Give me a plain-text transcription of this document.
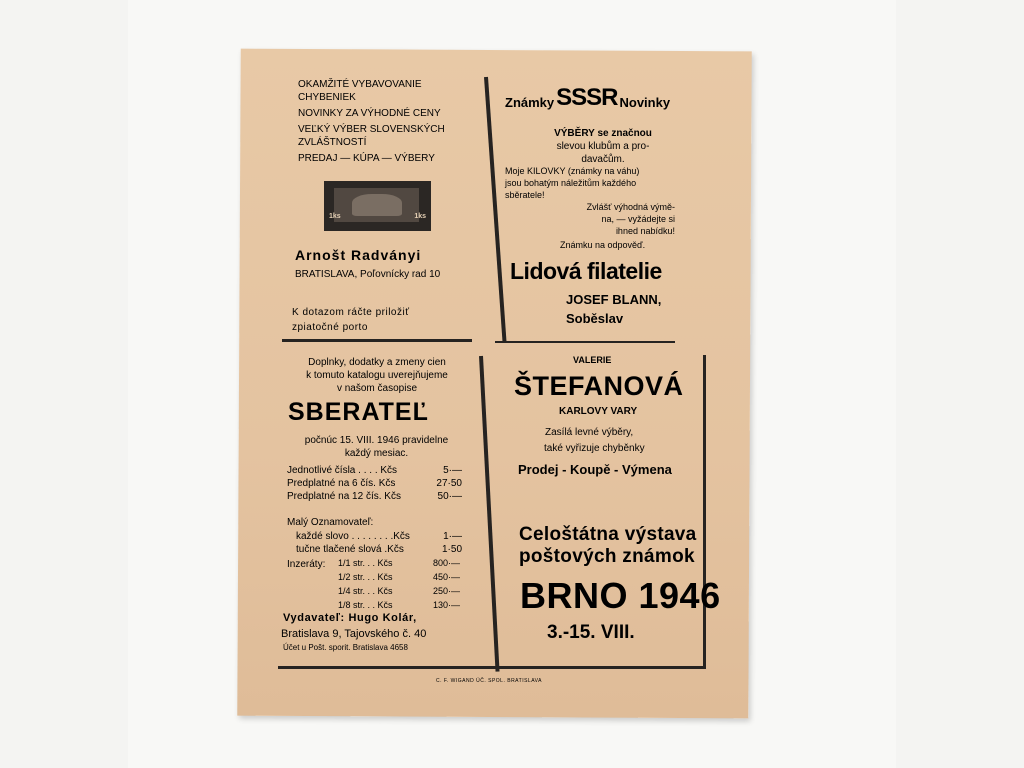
OKAMŽITÉ VYBAVOVANIE
CHYBENIEK
NOVINKY ZA VÝHODNÉ CENY
VEĽKÝ VÝBER SLOVENSKÝCH
ZVLÁŠTNOSTÍ
PREDAJ — KÚPA — VÝBERY
1ks	1ks
Arnošt Radványi
BRATISLAVA, Poľovnícky rad 10
K dotazom ráčte priložiť
zpiatočné porto
Známky SSSR Novinky
VÝBĚRY se značnou
slevou klubům a pro-
davačům.
Moje KILOVKY (známky na váhu)
jsou bohatým náležitům každého
sběratele!
Zvlášť výhodná výmě-
na, — vyžádejte si
ihned nabídku!
Známku na odpověď.
Lidová filatelie
JOSEF BLANN,
Soběslav
Doplnky, dodatky a zmeny cien
k tomuto katalogu uverejňujeme
v našom časopise
SBERATEĽ
počnúc 15. VIII. 1946 pravidelne
každý mesiac.
Jednotlivé čísla . . . . Kčs	5·—
Predplatné na 6 čís. Kčs	27·50
Predplatné na 12 čís. Kčs	50·—
Malý Oznamovateľ:
každé slovo . . . . . . . .Kčs	1·—
tučne tlačené slová .Kčs	1·50
Inzeráty: 1/1 str. . . Kčs	800·—
1/2 str. . . Kčs	450·—
1/4 str. . . Kčs	250·—
1/8 str. . . Kčs	130·—
Vydavateľ: Hugo Kolár,
Bratislava 9, Tajovského č. 40
Účet u Pošt. sporit. Bratislava 4658
VALERIE
ŠTEFANOVÁ
KARLOVY VARY
Zasílá levné výběry,
také vyřizuje chyběnky
Prodej - Koupě - Výmena
Celoštátna výstava
poštových známok
BRNO 1946
3.-15. VIII.
C. F. WIGAND ÚČ. SPOL. BRATISLAVA
